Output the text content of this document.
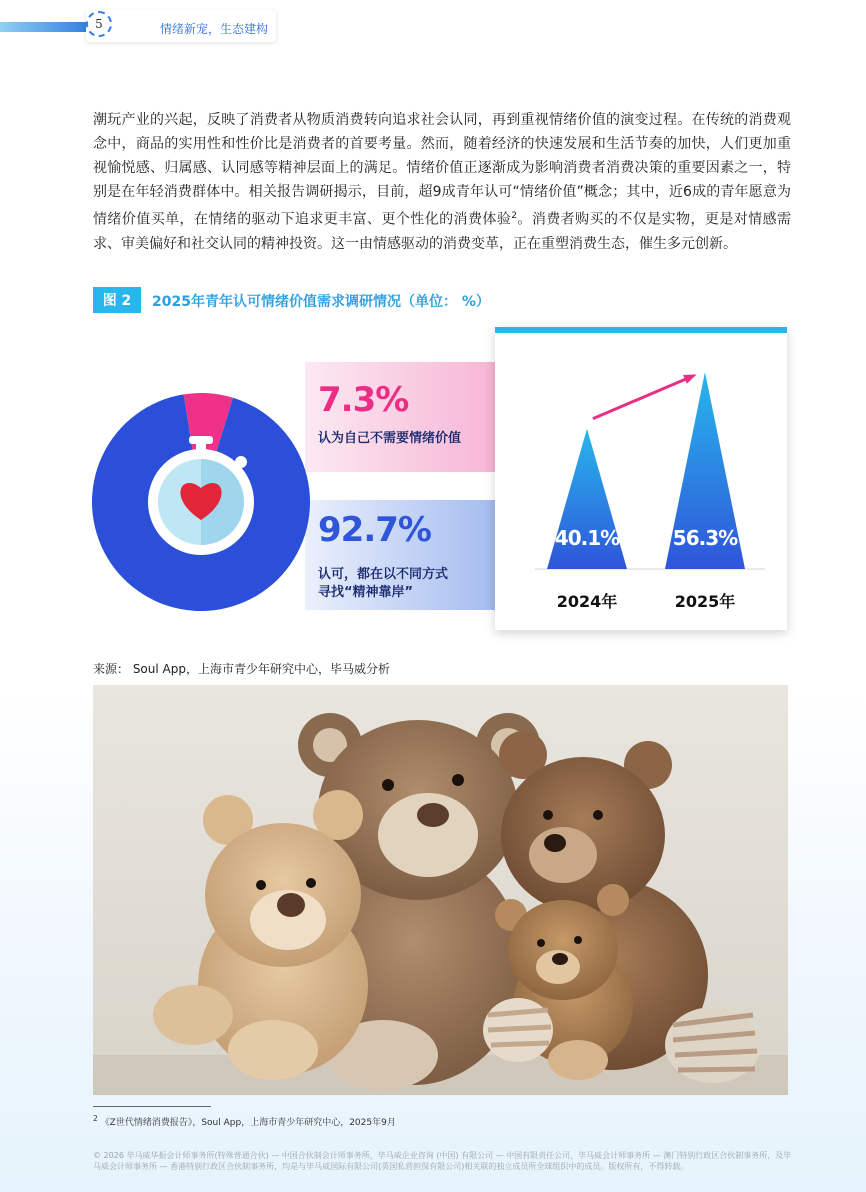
5	情绪新宠，生态建构

潮玩产业的兴起，反映了消费者从物质消费转向追求社会认同，再到重视情绪价值的演变过程。在传统的消费观念中，商品的实用性和性价比是消费者的首要考量。然而，随着经济的快速发展和生活节奏的加快，人们更加重视愉悦感、归属感、认同感等精神层面上的满足。情绪价值正逐渐成为影响消费者消费决策的重要因素之一，特别是在年轻消费群体中。相关报告调研揭示，目前，超9成青年认可“情绪价值”概念；其中，近6成的青年愿意为情绪价值买单，在情绪的驱动下追求更丰富、更个性化的消费体验$^2$。消费者购买的不仅是实物，更是对情感需求、审美偏好和社交认同的精神投资。这一由情感驱动的消费变革，正在重塑消费生态，催生多元创新。

图 2	2025年青年认可情绪价值需求调研情况（单位： %）
7.3%
认为自己不需要情绪价值
92.7%
认可，都在以不同方式
寻找“精神靠岸”
40.1%
2024年
56.3%
2025年
来源： Soul App，上海市青少年研究中心，毕马威分析
$^2$ 《Z世代情绪消费报告》，Soul App，上海市青少年研究中心，2025年9月
© 2026 毕马威华振会计师事务所(特殊普通合伙) — 中国合伙制会计师事务所，毕马威企业咨询 (中国) 有限公司 — 中国有限责任公司，毕马威会计师事务所 — 澳门特别行政区合伙制事务所，及毕马威会计师事务所 — 香港特别行政区合伙制事务所，均是与毕马威国际有限公司(英国私营担保有限公司)相关联的独立成员所全球组织中的成员。版权所有，不得转载。
